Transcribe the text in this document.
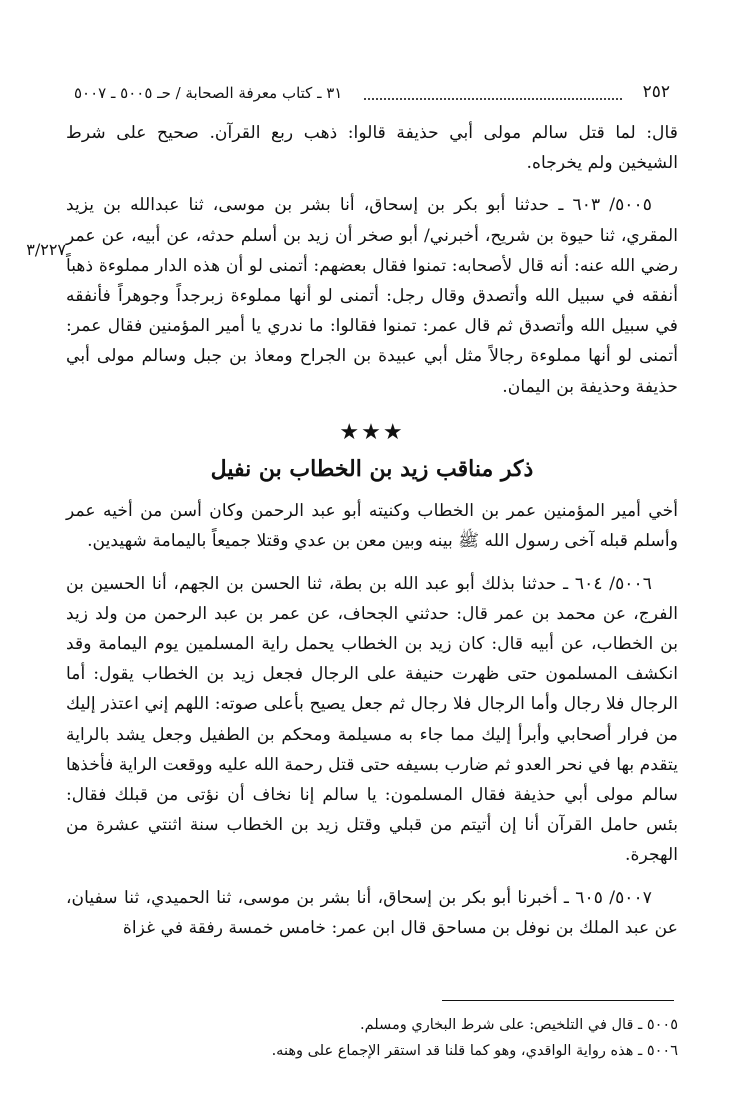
٢٥٢
٣١ ـ كتاب معرفة الصحابة / حـ ٥٠٠٥ ـ ٥٠٠٧
٣/٢٢٧

قال: لما قتل سالم مولى أبي حذيفة قالوا: ذهب ربع القرآن. صحيح على شرط الشيخين ولم يخرجاه.

٥٠٠٥/ ٦٠٣ ـ حدثنا أبو بكر بن إسحاق، أنا بشر بن موسى، ثنا عبدالله بن يزيد المقري، ثنا حيوة بن شريح، أخبرني/ أبو صخر أن زيد بن أسلم حدثه، عن أبيه، عن عمر رضي الله عنه: أنه قال لأصحابه: تمنوا فقال بعضهم: أتمنى لو أن هذه الدار مملوءة ذهباً أنفقه في سبيل الله وأتصدق وقال رجل: أتمنى لو أنها مملوءة زبرجداً وجوهراً فأنفقه في سبيل الله وأتصدق ثم قال عمر: تمنوا فقالوا: ما ندري يا أمير المؤمنين فقال عمر: أتمنى لو أنها مملوءة رجالاً مثل أبي عبيدة بن الجراح ومعاذ بن جبل وسالم مولى أبي حذيفة وحذيفة بن اليمان.

★★★
ذكر مناقب زيد بن الخطاب بن نفيل

أخي أمير المؤمنين عمر بن الخطاب وكنيته أبو عبد الرحمن وكان أسن من أخيه عمر وأسلم قبله آخى رسول الله ﷺ بينه وبين معن بن عدي وقتلا جميعاً باليمامة شهيدين.

٥٠٠٦/ ٦٠٤ ـ حدثنا بذلك أبو عبد الله بن بطة، ثنا الحسن بن الجهم، أنا الحسين بن الفرج، عن محمد بن عمر قال: حدثني الجحاف، عن عمر بن عبد الرحمن من ولد زيد بن الخطاب، عن أبيه قال: كان زيد بن الخطاب يحمل راية المسلمين يوم اليمامة وقد انكشف المسلمون حتى ظهرت حنيفة على الرجال فجعل زيد بن الخطاب يقول: أما الرجال فلا رجال وأما الرجال فلا رجال ثم جعل يصيح بأعلى صوته: اللهم إني اعتذر إليك من فرار أصحابي وأبرأ إليك مما جاء به مسيلمة ومحكم بن الطفيل وجعل يشد بالراية يتقدم بها في نحر العدو ثم ضارب بسيفه حتى قتل رحمة الله عليه ووقعت الراية فأخذها سالم مولى أبي حذيفة فقال المسلمون: يا سالم إنا نخاف أن نؤتى من قبلك فقال: بئس حامل القرآن أنا إن أتيتم من قبلي وقتل زيد بن الخطاب سنة اثنتي عشرة من الهجرة.

٥٠٠٧/ ٦٠٥ ـ أخبرنا أبو بكر بن إسحاق، أنا بشر بن موسى، ثنا الحميدي، ثنا سفيان، عن عبد الملك بن نوفل بن مساحق قال ابن عمر: خامس خمسة رفقة في غزاة

٥٠٠٥ ـ قال في التلخيص: على شرط البخاري ومسلم.

٥٠٠٦ ـ هذه رواية الواقدي، وهو كما قلنا قد استقر الإجماع على وهنه.
